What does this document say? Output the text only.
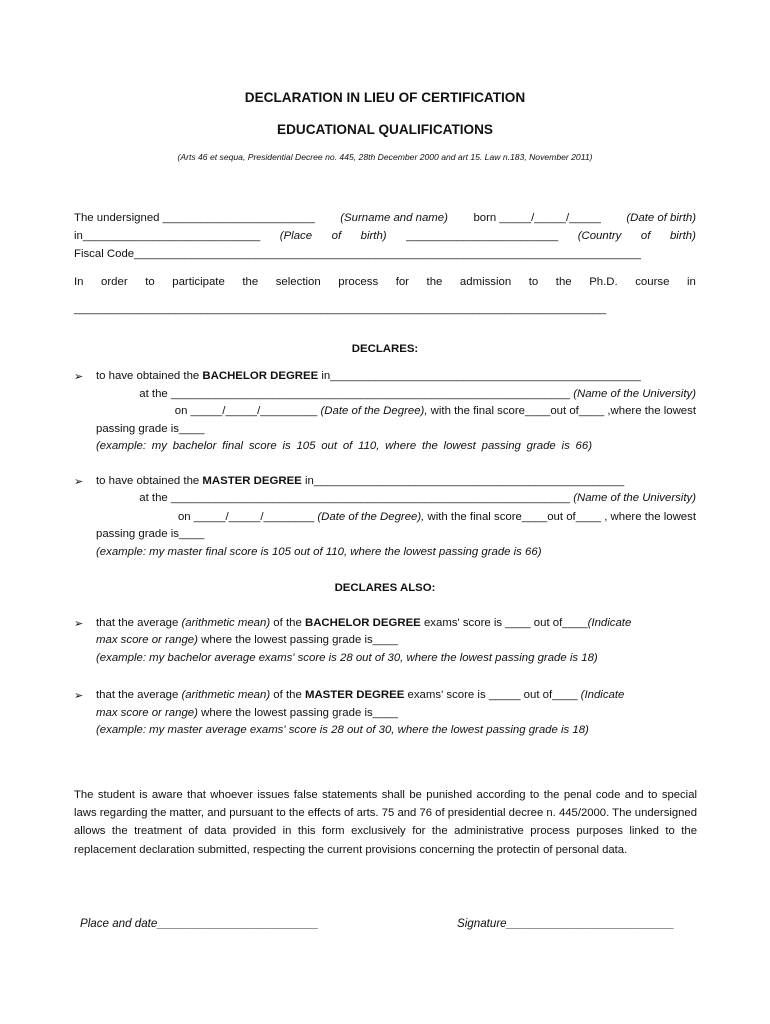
DECLARATION IN LIEU OF CERTIFICATION
EDUCATIONAL QUALIFICATIONS
(Arts 46 et sequa, Presidential Decree no. 445, 28th December 2000 and art 15. Law n.183, November 2011)
The undersigned ________________________ (Surname and name) born _____/_____/_____ (Date of birth)
in____________________________ (Place of birth) ________________________ (Country of birth)
Fiscal Code________________________________________________________________________________
In order to participate the selection process for the admission to the Ph.D. course in
____________________________________________________________________________________
DECLARES:
➢ to have obtained the BACHELOR DEGREE in_________________________________________________
at the _______________________________________________________________ (Name of the University)
on _____/_____/_________ (Date of the Degree), with the final score____out of____ ,where the lowest
passing grade is____
(example: my bachelor final score is 105 out of 110, where the lowest passing grade is 66)
➢ to have obtained the MASTER DEGREE in_________________________________________________
at the _______________________________________________________________ (Name of the University)
on _____/_____/________ (Date of the Degree), with the final score____out of____ , where the lowest
passing grade is____
(example: my master final score is 105 out of 110, where the lowest passing grade is 66)
DECLARES ALSO:
➢ that the average (arithmetic mean) of the BACHELOR DEGREE exams' score is ____ out of____(Indicate
max score or range) where the lowest passing grade is____
(example: my bachelor average exams' score is 28 out of 30, where the lowest passing grade is 18)
➢ that the average (arithmetic mean) of the MASTER DEGREE exams' score is _____ out of____ (Indicate
max score or range) where the lowest passing grade is____
(example: my master average exams' score is 28 out of 30, where the lowest passing grade is 18)
The student is aware that whoever issues false statements shall be punished according to the penal code and to special laws regarding the matter, and pursuant to the effects of arts. 75 and 76 of presidential decree n. 445/2000. The undersigned allows the treatment of data provided in this form exclusively for the administrative process purposes linked to the replacement declaration submitted, respecting the current provisions concerning the protectin of personal data.
Place and date_________________________	Signature__________________________
